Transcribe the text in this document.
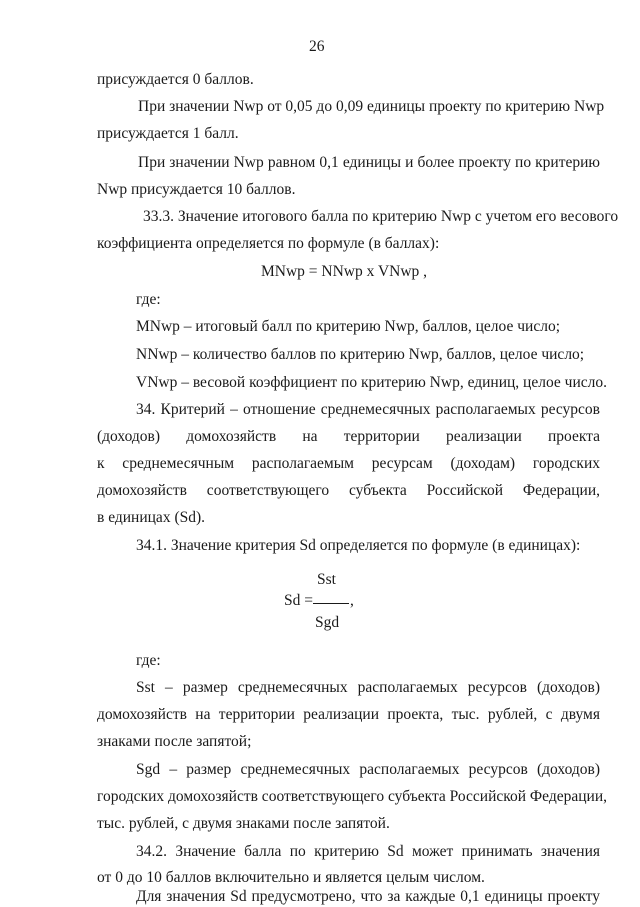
26
присуждается 0 баллов.
При значении Nwp от 0,05 до 0,09 единицы проекту по критерию Nwp
присуждается 1 балл.
При значении Nwp равном 0,1 единицы и более проекту по критерию
Nwp присуждается 10 баллов.
33.3. Значение итогового балла по критерию Nwp с учетом его весового
коэффициента определяется по формуле (в баллах):
МNwp = NNwp x VNwp ,
где:
МNwp – итоговый балл по критерию Nwp, баллов, целое число;
NNwp – количество баллов по критерию Nwp, баллов, целое число;
VNwp – весовой коэффициент по критерию Nwp, единиц, целое число.
34. Критерий – отношение среднемесячных располагаемых ресурсов
(доходов) домохозяйств на территории реализации проекта
к среднемесячным располагаемым ресурсам (доходам) городских
домохозяйств соответствующего субъекта Российской Федерации,
в единицах (Sd).
34.1. Значение критерия Sd определяется по формуле (в единицах):
Sst
Sd = ,
Sgd
где:
Sst – размер среднемесячных располагаемых ресурсов (доходов)
домохозяйств на территории реализации проекта, тыс. рублей, с двумя
знаками после запятой;
Sgd – размер среднемесячных располагаемых ресурсов (доходов)
городских домохозяйств соответствующего субъекта Российской Федерации,
тыс. рублей, с двумя знаками после запятой.
34.2. Значение балла по критерию Sd может принимать значения
от 0 до 10 баллов включительно и является целым числом.
Для значения Sd предусмотрено, что за каждые 0,1 единицы проекту
